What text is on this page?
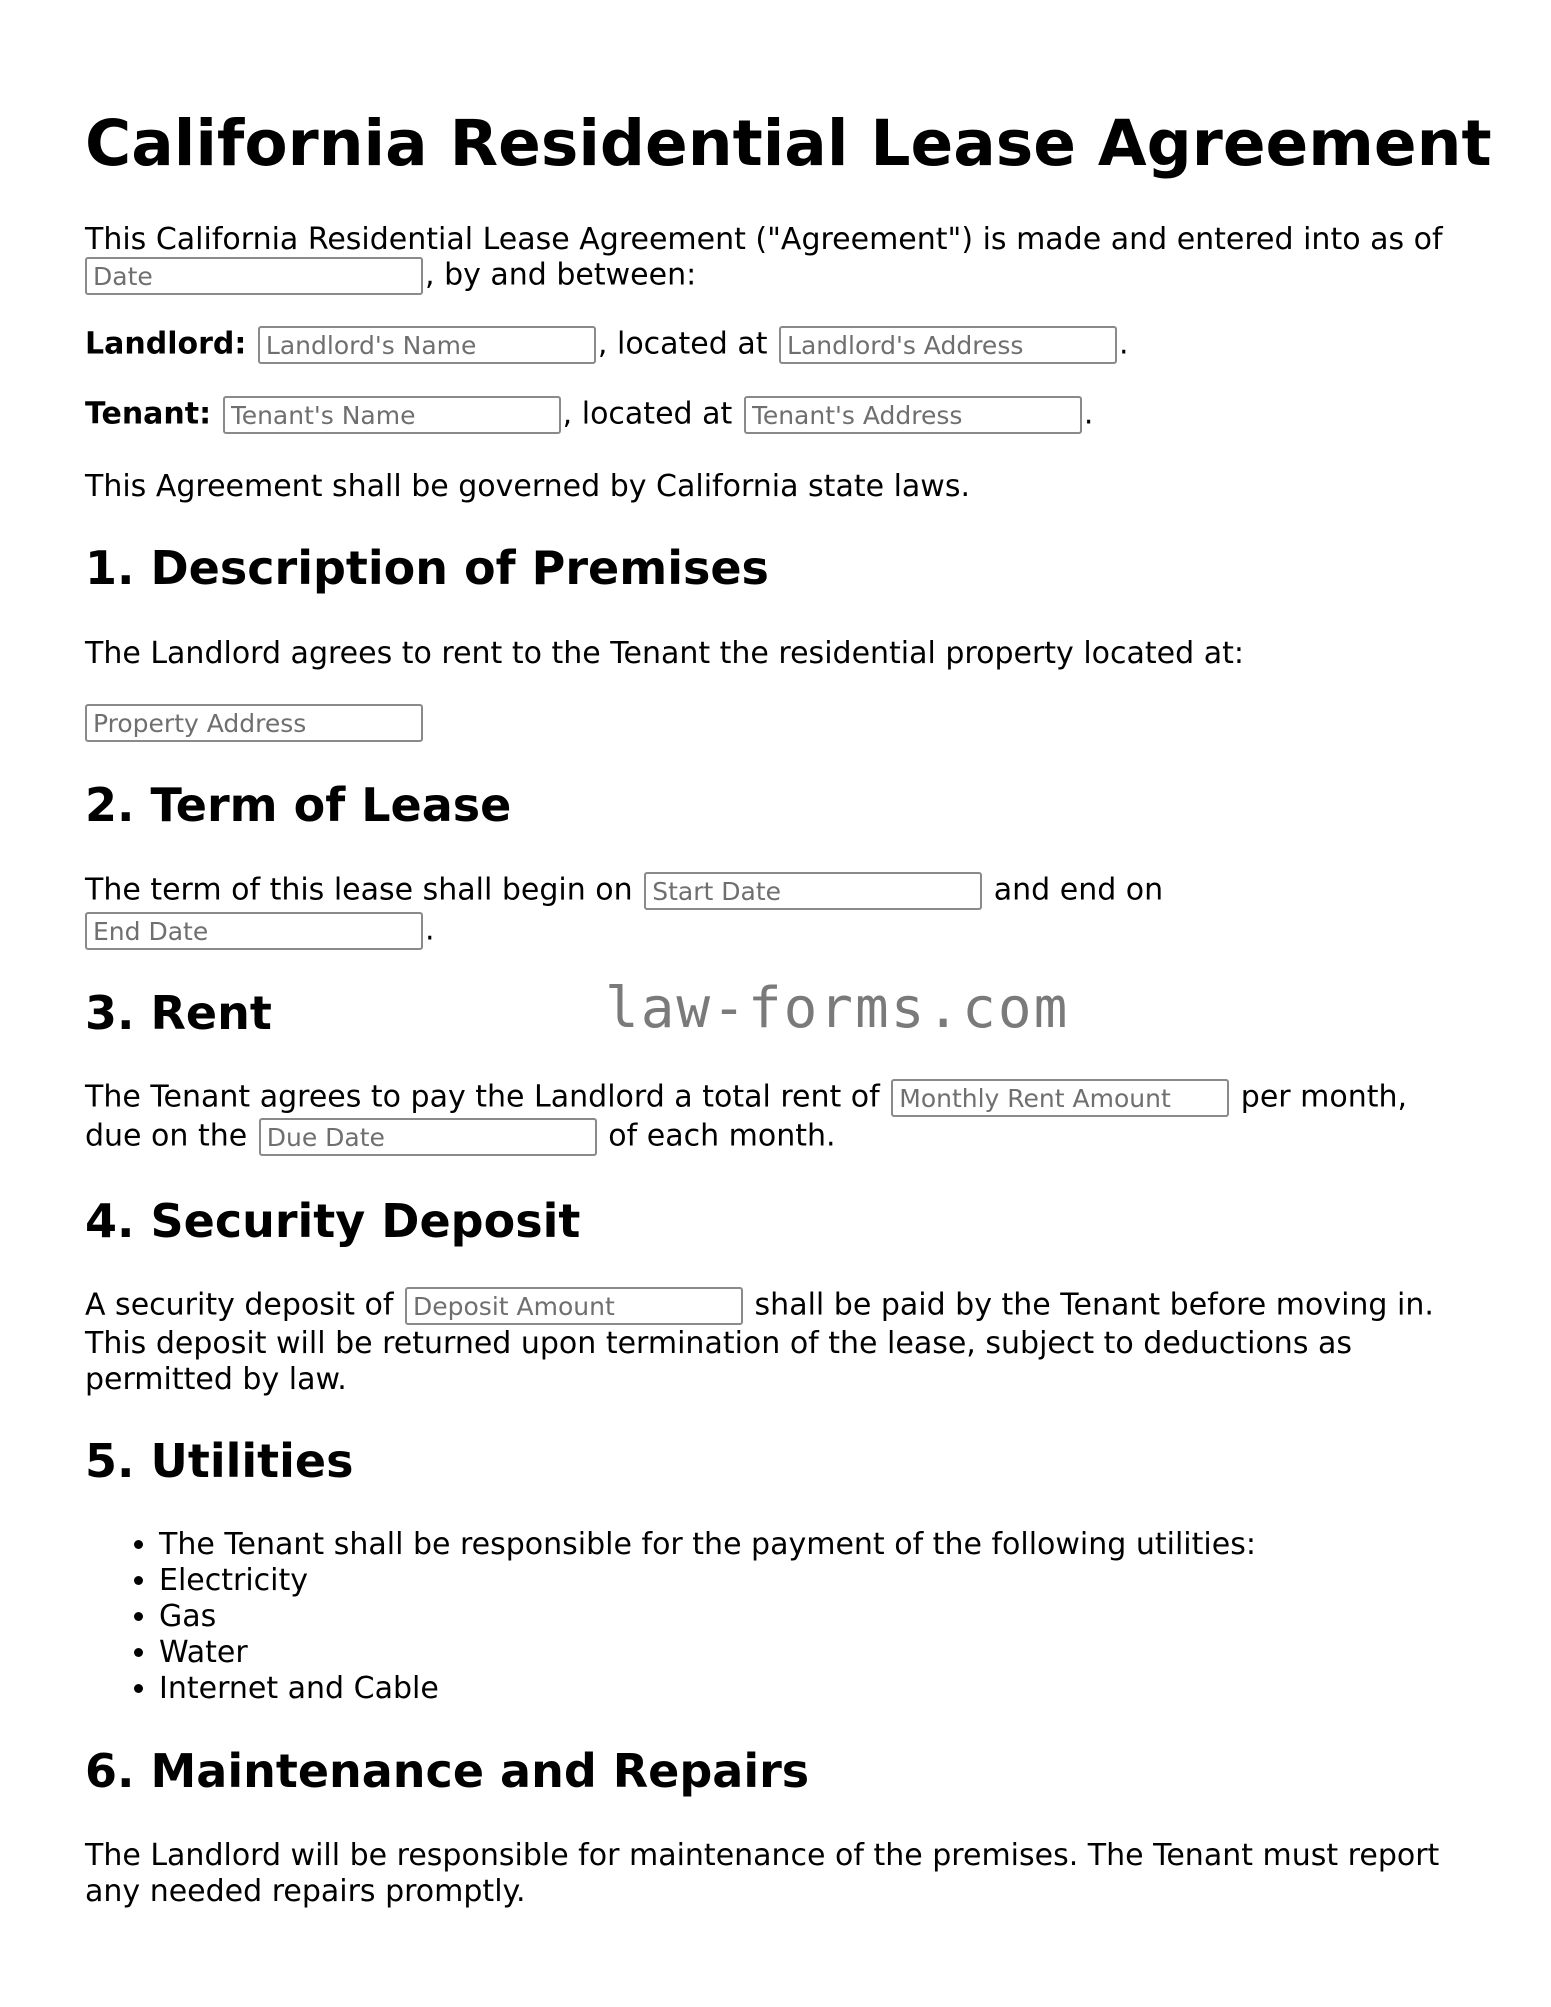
California Residential Lease Agreement
This California Residential Lease Agreement ("Agreement") is made and entered into as of
Date, by and between:
Landlord: Landlord's Name	, located at Landlord's Address	.
Tenant: Tenant's Name	, located at Tenant's Address	.
This Agreement shall be governed by California state laws.
1. Description of Premises
The Landlord agrees to rent to the Tenant the residential property located at:
Property Address
2. Term of Lease
The term of this lease shall begin on Start Date	and end on
End Date.
3. Rent
The Tenant agrees to pay the Landlord a total rent of Monthly Rent Amount	per month,
due on the Due Date	of each month.
4. Security Deposit
A security deposit of Deposit Amount	shall be paid by the Tenant before moving in.
This deposit will be returned upon termination of the lease, subject to deductions as
permitted by law.
5. Utilities
• The Tenant shall be responsible for the payment of the following utilities:
• Electricity
• Gas
• Water
• Internet and Cable
6. Maintenance and Repairs
The Landlord will be responsible for maintenance of the premises. The Tenant must report
any needed repairs promptly.
law-forms.com
